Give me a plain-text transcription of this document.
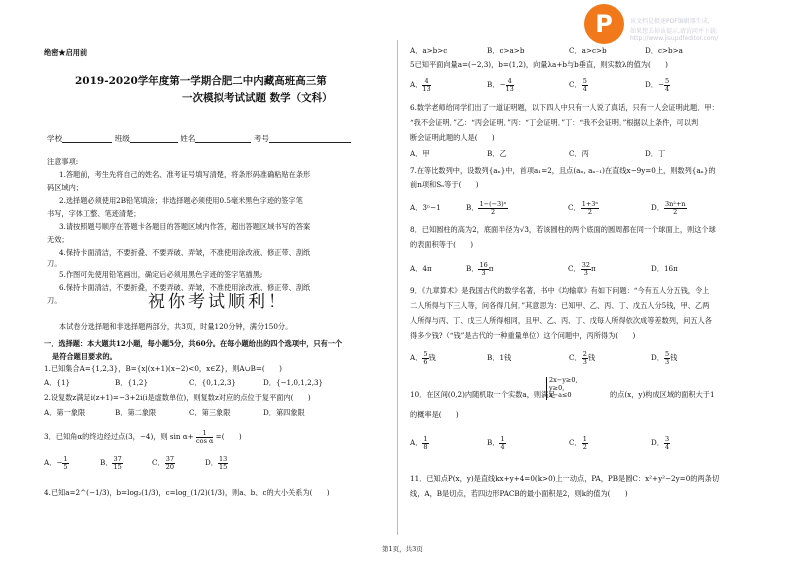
P	该文档是极速PDF编辑器生成,
如果想去掉该提示,请访问并下载:
http://www.jisupdfeditor.com/
绝密★启用前
2019-2020学年度第一学期合肥二中内藏高班高三第
一次模拟考试试题 数学（文科）
学校	班级	姓名	考号
注意事项:
1.答题前，考生先将自己的姓名、准考证号填写清楚，将条形码准确粘贴在条形
码区域内；
2.选择题必须使用2B铅笔填涂；非选择题必须使用0.5毫米黑色字迹的签字笔
书写，字体工整、笔迹清楚；
3.请按照题号顺序在答题卡各题目的答题区域内作答，超出答题区域书写的答案
无效；
4.保持卡面清洁，不要折叠、不要弄破、弄皱，不准使用涂改液、修正带、刮纸
刀。
5.作图可先使用铅笔画出，确定后必须用黑色字迹的签字笔描黑;
6.保持卡面清洁，不要折叠，不要弄破、弄皱，不准使用涂改液、修正带、刮纸
刀。	祝你考试顺利！
本试卷分选择题和非选择题两部分，共3页，时量120分钟，满分150分。
一．选择题：本大题共12小题，每小题5分，共60分。在每小题给出的四个选项中，只有一个
是符合题目要求的。
1.已知集合A={1,2,3}，B={x|(x+1)(x−2)<0，x∈Z}，则A∪B=(　　)
A．{1}	B．{1,2}	C．{0,1,2,3}	D．{−1,0,1,2,3}
2.设复数z满足i(z+1)=−3+2i(i是虚数单位)，则复数z对应的点位于复平面内(　　)
A．第一象限	B．第二象限	C．第三象限	D．第四象限
3．已知角α的终边经过点(3，−4)，则 $\sin \alpha+ \frac{1}{\text{cos α}}$ =(　　)
A．− $\frac{1}{5}$	B． $\frac{37}{15}$	C． $\frac{37}{20}$	D． $\frac{13}{15}$
4.已知a=2^(−1/3)，b=log₂(1/3)，c=log_(1/2)(1/3)，则a、b、c的大小关系为(　　)
第1页，共3页
A．a>b>c	B．c>a>b	C．a>c>b	D．c>b>a
5已知平面向量a=(−2,3)，b=(1,2)，向量λa+b与b垂直，则实数λ的值为(　　)
A． $\frac{4}{13}$	B．− $\frac{4}{13}$	C． $\frac{5}{4}$	D．− $\frac{5}{4}$
6.数学老师给同学们出了一道证明题，以下四人中只有一人说了真话，只有一人会证明此题．甲：
“我不会证明．”乙：“丙会证明．”丙：“丁会证明．”丁：“我不会证明．”根据以上条件，可以判
断会证明此题的人是(　　)
A．甲	B．乙	C．丙	D．丁
7.在等比数列中，设数列{aₙ}中，首项a₁=2，且点(aₙ, aₙ₋₁)在直线x−9y=0上，则数列{aₙ}的
前n项和Sₙ等于(　　)
A．3ⁿ−1	B． $\frac{\text{1−(−3)ⁿ}}{2}$	C． $\frac{\text{1+3ⁿ}}{2}$	D． $\frac{\text{3n²+n}}{2}$
8．已知圆柱的高为2，底面半径为√3，若该圆柱的两个底面的圆周都在同一个球面上，则这个球
的表面积等于(　　)
A．4π	B． $\frac{16}{3}$ π	C． $\frac{32}{3}$ π	D．16π
9．《九章算术》是我国古代的数学名著，书中《均输章》有如下问题：“今有五人分五钱，令上
二人所得与下三人等，问各得几何．”其意思为：已知甲、乙、丙、丁、戊五人分5钱，甲、乙两
人所得与丙、丁、戊三人所得相同，且甲、乙、丙、丁、戊每人所得依次成等差数列，问五人各
得多少钱?（“钱”是古代的一种重量单位）这个问题中，丙所得为(　　)
A． $\frac{5}{6}$ 钱	B．1钱	C． $\frac{2}{3}$ 钱	D． $\frac{5}{3}$ 钱
10．在区间(0,2)内随机取一个实数a，则满足
2x−y≥0,
y≥0,
x−a≤0	的点(x，y)构成区域的面积大于1
的概率是(　　)
A． $\frac{1}{8}$	B． $\frac{1}{4}$	C． $\frac{1}{2}$	D． $\frac{3}{4}$
11．已知点P(x，y)是直线kx+y+4=0(k>0)上一动点，PA，PB是圆C：x²+y²−2y=0的两条切
线，A，B是切点，若四边形PACB的最小面积是2，则k的值为(　　)
